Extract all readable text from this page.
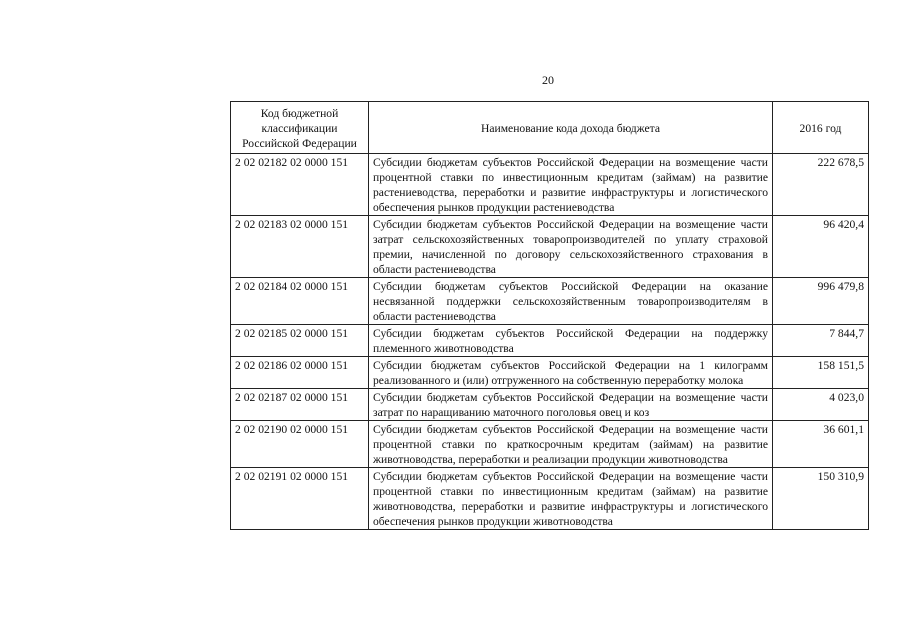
20
Код бюджетной классификации Российской Федерации	Наименование кода дохода бюджета	2016 год
2 02 02182 02 0000 151	Субсидии бюджетам субъектов Российской Федерации на возмещение части процентной ставки по инвестиционным кредитам (займам) на развитие растениеводства, переработки и развитие инфраструктуры и логистического обеспечения рынков продукции растениеводства	222 678,5
2 02 02183 02 0000 151	Субсидии бюджетам субъектов Российской Федерации на возмещение части затрат сельскохозяйственных товаропроизводителей по уплату страховой премии, начисленной по договору сельскохозяйственного страхования в области растениеводства	96 420,4
2 02 02184 02 0000 151	Субсидии бюджетам субъектов Российской Федерации на оказание несвязанной поддержки сельскохозяйственным товаропроизводителям в области растениеводства	996 479,8
2 02 02185 02 0000 151	Субсидии бюджетам субъектов Российской Федерации на поддержку племенного животноводства	7 844,7
2 02 02186 02 0000 151	Субсидии бюджетам субъектов Российской Федерации на 1 килограмм реализованного и (или) отгруженного на собственную переработку молока	158 151,5
2 02 02187 02 0000 151	Субсидии бюджетам субъектов Российской Федерации на возмещение части затрат по наращиванию маточного поголовья овец и коз	4 023,0
2 02 02190 02 0000 151	Субсидии бюджетам субъектов Российской Федерации на возмещение части процентной ставки по краткосрочным кредитам (займам) на развитие животноводства, переработки и реализации продукции животноводства	36 601,1
2 02 02191 02 0000 151	Субсидии бюджетам субъектов Российской Федерации на возмещение части процентной ставки по инвестиционным кредитам (займам) на развитие животноводства, переработки и развитие инфраструктуры и логистического обеспечения рынков продукции животноводства	150 310,9
